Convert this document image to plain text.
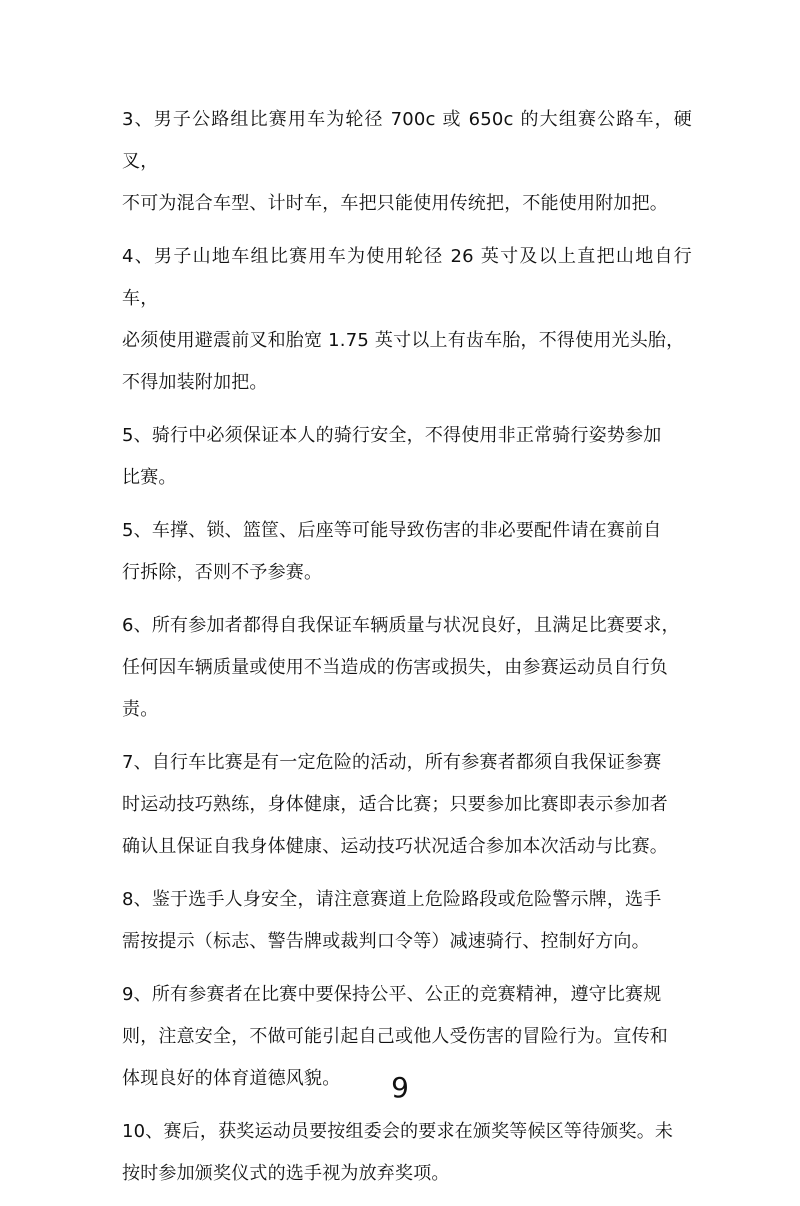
3、男子公路组比赛用车为轮径 700c 或 650c 的大组赛公路车，硬叉，
不可为混合车型、计时车，车把只能使用传统把，不能使用附加把。

4、男子山地车组比赛用车为使用轮径 26 英寸及以上直把山地自行车，
必须使用避震前叉和胎宽 1.75 英寸以上有齿车胎，不得使用光头胎，
不得加装附加把。

5、骑行中必须保证本人的骑行安全，不得使用非正常骑行姿势参加
比赛。

5、车撑、锁、篮筐、后座等可能导致伤害的非必要配件请在赛前自
行拆除，否则不予参赛。

6、所有参加者都得自我保证车辆质量与状况良好，且满足比赛要求，
任何因车辆质量或使用不当造成的伤害或损失，由参赛运动员自行负
责。

7、自行车比赛是有一定危险的活动，所有参赛者都须自我保证参赛
时运动技巧熟练，身体健康，适合比赛；只要参加比赛即表示参加者
确认且保证自我身体健康、运动技巧状况适合参加本次活动与比赛。

8、鉴于选手人身安全，请注意赛道上危险路段或危险警示牌，选手
需按提示（标志、警告牌或裁判口令等）减速骑行、控制好方向。

9、所有参赛者在比赛中要保持公平、公正的竞赛精神，遵守比赛规
则，注意安全，不做可能引起自己或他人受伤害的冒险行为。宣传和
体现良好的体育道德风貌。

10、赛后，获奖运动员要按组委会的要求在颁奖等候区等待颁奖。未
按时参加颁奖仪式的选手视为放弃奖项。

9
